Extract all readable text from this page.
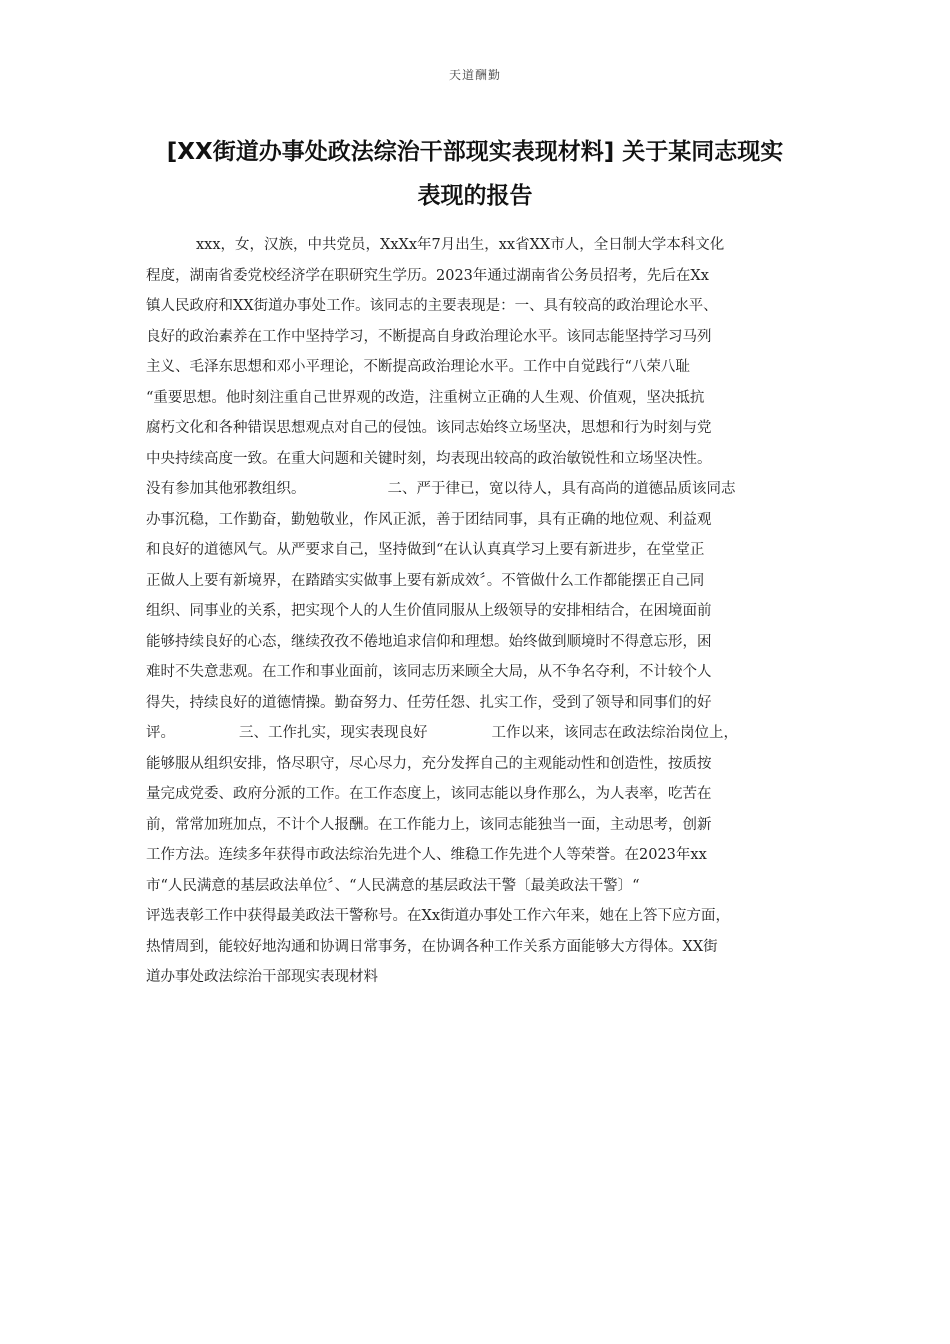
天道酬勤
[XX街道办事处政法综治干部现实表现材料] 关于某同志现实
表现的报告
xxx，女，汉族，中共党员，XxXx年7月出生，xx省XX市人，全日制大学本科文化
程度，湖南省委党校经济学在职研究生学历。2023年通过湖南省公务员招考，先后在Xx
镇人民政府和XX街道办事处工作。该同志的主要表现是：一、具有较高的政治理论水平、
良好的政治素养在工作中坚持学习，不断提高自身政治理论水平。该同志能坚持学习马列
主义、毛泽东思想和邓小平理论，不断提高政治理论水平。工作中自觉践行“八荣八耻
“重要思想。他时刻注重自己世界观的改造，注重树立正确的人生观、价值观，坚决抵抗
腐朽文化和各种错误思想观点对自己的侵蚀。该同志始终立场坚决，思想和行为时刻与党
中央持续高度一致。在重大问题和关键时刻，均表现出较高的政治敏锐性和立场坚决性。
没有参加其他邪教组织。	二、严于律已，宽以待人，具有高尚的道德品质该同志
办事沉稳，工作勤奋，勤勉敬业，作风正派，善于团结同事，具有正确的地位观、利益观
和良好的道德风气。从严要求自己，坚持做到“在认认真真学习上要有新进步，在堂堂正
正做人上要有新境界，在踏踏实实做事上要有新成效〞。不管做什么工作都能摆正自己同
组织、同事业的关系，把实现个人的人生价值同服从上级领导的安排相结合，在困境面前
能够持续良好的心态，继续孜孜不倦地追求信仰和理想。始终做到顺境时不得意忘形，困
难时不失意悲观。在工作和事业面前，该同志历来顾全大局，从不争名夺利，不计较个人
得失，持续良好的道德情操。勤奋努力、任劳任怨、扎实工作，受到了领导和同事们的好
评。	三、工作扎实，现实表现良好	工作以来，该同志在政法综治岗位上，
能够服从组织安排，恪尽职守，尽心尽力，充分发挥自己的主观能动性和创造性，按质按
量完成党委、政府分派的工作。在工作态度上，该同志能以身作那么，为人表率，吃苦在
前，常常加班加点，不计个人报酬。在工作能力上，该同志能独当一面，主动思考，创新
工作方法。连续多年获得市政法综治先进个人、维稳工作先进个人等荣誉。在2023年xx
市“人民满意的基层政法单位〞、“人民满意的基层政法干警〔最美政法干警〕“
评选表彰工作中获得最美政法干警称号。在Xx街道办事处工作六年来，她在上答下应方面，
热情周到，能较好地沟通和协调日常事务，在协调各种工作关系方面能够大方得体。XX街
道办事处政法综治干部现实表现材料
